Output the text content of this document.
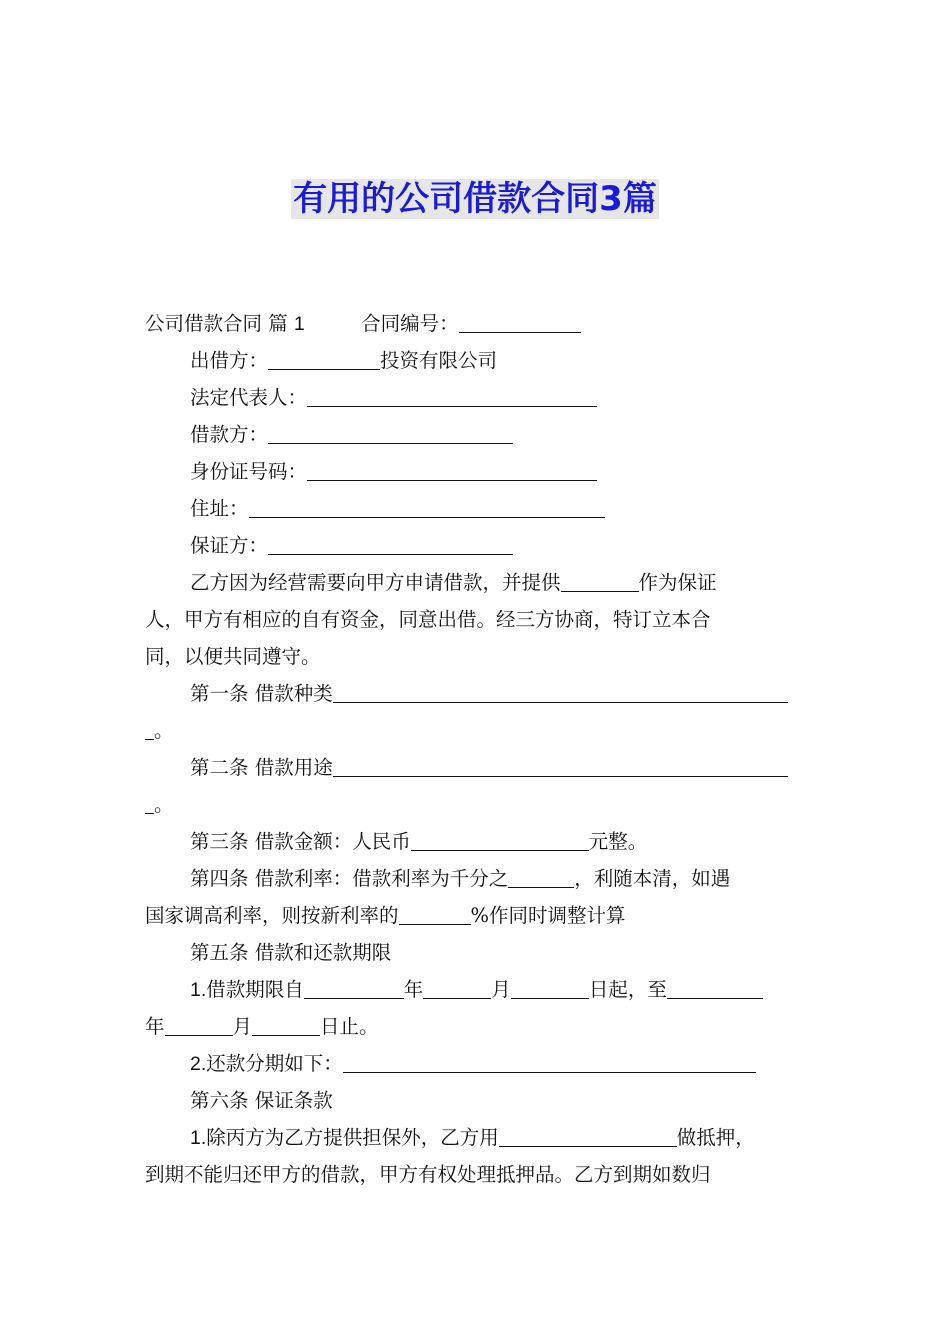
有用的公司借款合同3篇
公司借款合同 篇 1	合同编号：
出借方：	投资有限公司
法定代表人：
借款方：
身份证号码：
住址：
保证方：
乙方因为经营需要向甲方申请借款，并提供	作为保证
人，甲方有相应的自有资金，同意出借。经三方协商，特订立本合
同，以便共同遵守。
第一条 借款种类
。
第二条 借款用途
。
第三条 借款金额：人民币	元整。
第四条 借款利率：借款利率为千分之	，利随本清，如遇
国家调高利率，则按新利率的	%作同时调整计算
第五条 借款和还款期限
1.借款期限自	年	月	日起，至
年	月	日止。
2.还款分期如下：
第六条 保证条款
1.除丙方为乙方提供担保外，乙方用	做抵押，
到期不能归还甲方的借款，甲方有权处理抵押品。乙方到期如数归
